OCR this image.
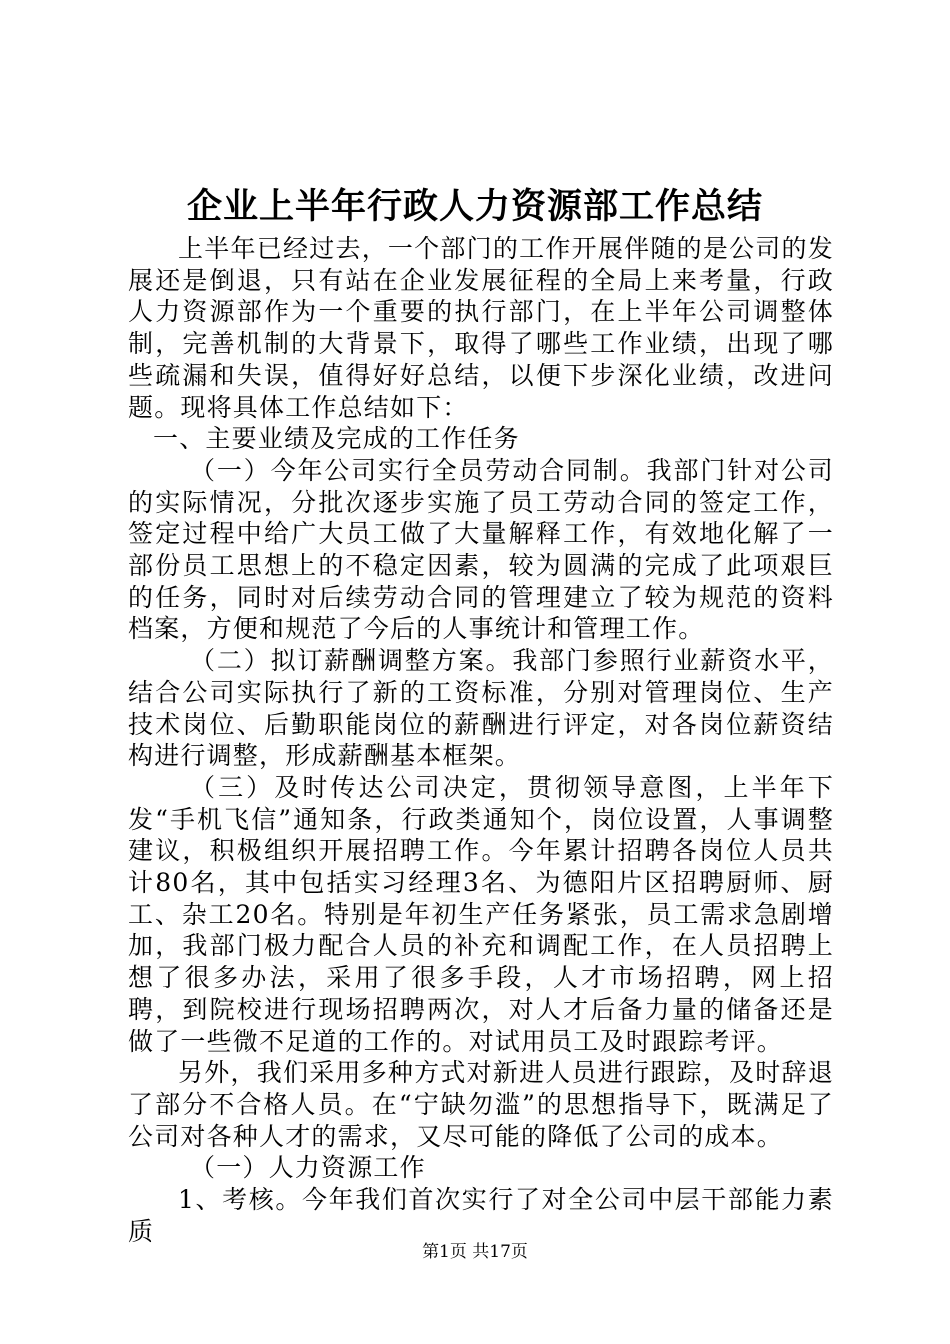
企业上半年行政人力资源部工作总结

上半年已经过去，一个部门的工作开展伴随的是公司的发展还是倒退，只有站在企业发展征程的全局上来考量，行政人力资源部作为一个重要的执行部门，在上半年公司调整体制，完善机制的大背景下，取得了哪些工作业绩，出现了哪些疏漏和失误，值得好好总结，以便下步深化业绩，改进问题。现将具体工作总结如下：

一、主要业绩及完成的工作任务

（一）今年公司实行全员劳动合同制。我部门针对公司的实际情况，分批次逐步实施了员工劳动合同的签定工作，签定过程中给广大员工做了大量解释工作，有效地化解了一部份员工思想上的不稳定因素，较为圆满的完成了此项艰巨的任务，同时对后续劳动合同的管理建立了较为规范的资料档案，方便和规范了今后的人事统计和管理工作。

（二）拟订薪酬调整方案。我部门参照行业薪资水平，结合公司实际执行了新的工资标准，分别对管理岗位、生产技术岗位、后勤职能岗位的薪酬进行评定，对各岗位薪资结构进行调整，形成薪酬基本框架。

（三）及时传达公司决定，贯彻领导意图，上半年下发“手机飞信”通知条，行政类通知个，岗位设置，人事调整建议，积极组织开展招聘工作。今年累计招聘各岗位人员共计80名，其中包括实习经理3名、为德阳片区招聘厨师、厨工、杂工20名。特别是年初生产任务紧张，员工需求急剧增加，我部门极力配合人员的补充和调配工作，在人员招聘上想了很多办法，采用了很多手段，人才市场招聘，网上招聘，到院校进行现场招聘两次，对人才后备力量的储备还是做了一些微不足道的工作的。对试用员工及时跟踪考评。

另外，我们采用多种方式对新进人员进行跟踪，及时辞退了部分不合格人员。在“宁缺勿滥”的思想指导下，既满足了公司对各种人才的需求，又尽可能的降低了公司的成本。

（一）人力资源工作

1、考核。今年我们首次实行了对全公司中层干部能力素质

第1页 共17页
